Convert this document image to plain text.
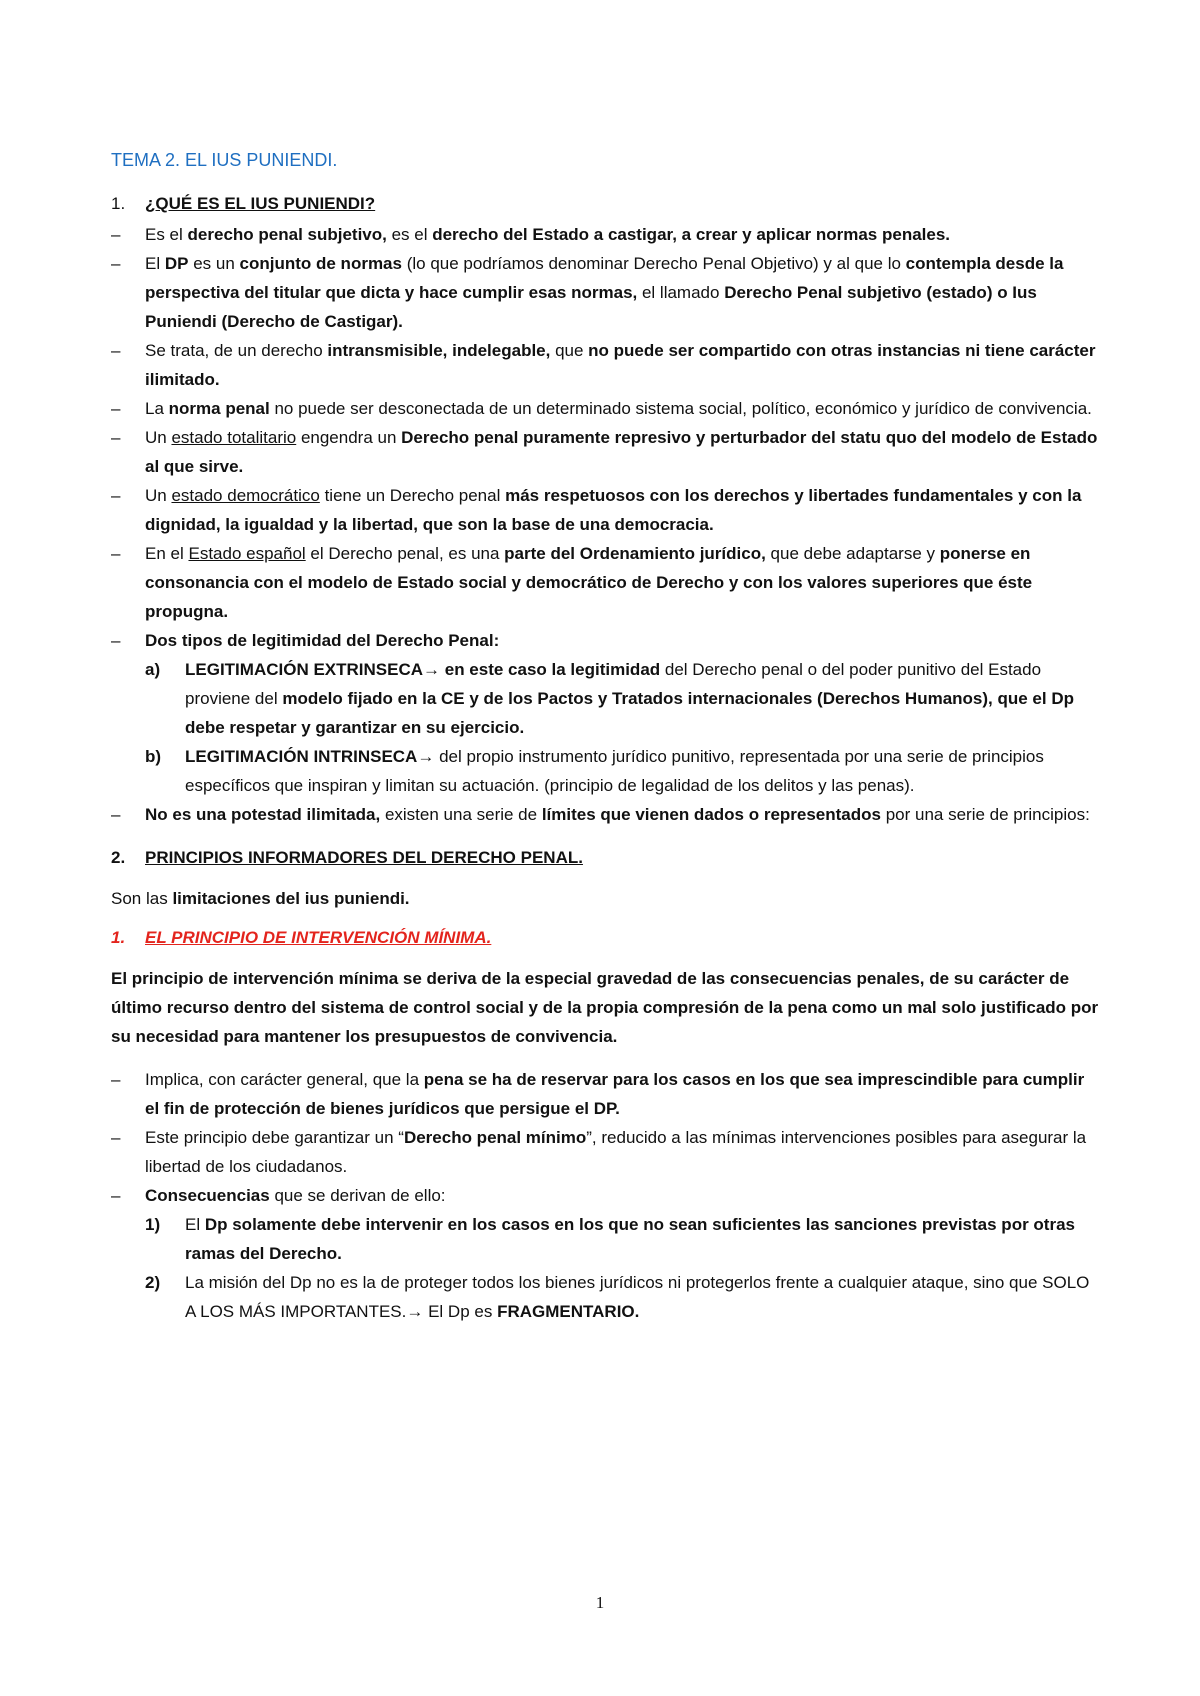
TEMA 2. EL IUS PUNIENDI.
1.	¿QUÉ ES EL IUS PUNIENDI?
–	Es el derecho penal subjetivo, es el derecho del Estado a castigar, a crear y aplicar normas penales.
–	El DP es un conjunto de normas (lo que podríamos denominar Derecho Penal Objetivo) y al que lo contempla desde la perspectiva del titular que dicta y hace cumplir esas normas, el llamado Derecho Penal subjetivo (estado) o Ius Puniendi (Derecho de Castigar).
–	Se trata, de un derecho intransmisible, indelegable, que no puede ser compartido con otras instancias ni tiene carácter ilimitado.
–	La norma penal no puede ser desconectada de un determinado sistema social, político, económico y jurídico de convivencia.
–	Un estado totalitario engendra un Derecho penal puramente represivo y perturbador del statu quo del modelo de Estado al que sirve.
–	Un estado democrático tiene un Derecho penal más respetuosos con los derechos y libertades fundamentales y con la dignidad, la igualdad y la libertad, que son la base de una democracia.
–	En el Estado español el Derecho penal, es una parte del Ordenamiento jurídico, que debe adaptarse y ponerse en consonancia con el modelo de Estado social y democrático de Derecho y con los valores superiores que éste propugna.
–	Dos tipos de legitimidad del Derecho Penal:
a)	LEGITIMACIÓN EXTRINSECA→ en este caso la legitimidad del Derecho penal o del poder punitivo del Estado proviene del modelo fijado en la CE y de los Pactos y Tratados internacionales (Derechos Humanos), que el Dp debe respetar y garantizar en su ejercicio.
b)	LEGITIMACIÓN INTRINSECA→ del propio instrumento jurídico punitivo, representada por una serie de principios específicos que inspiran y limitan su actuación. (principio de legalidad de los delitos y las penas).
–	No es una potestad ilimitada, existen una serie de límites que vienen dados o representados por una serie de principios:
2.	PRINCIPIOS INFORMADORES DEL DERECHO PENAL.

Son las limitaciones del ius puniendi.

1.	EL PRINCIPIO DE INTERVENCIÓN MÍNIMA.

El principio de intervención mínima se deriva de la especial gravedad de las consecuencias penales, de su carácter de último recurso dentro del sistema de control social y de la propia compresión de la pena como un mal solo justificado por su necesidad para mantener los presupuestos de convivencia.

–	Implica, con carácter general, que la pena se ha de reservar para los casos en los que sea imprescindible para cumplir el fin de protección de bienes jurídicos que persigue el DP.
–	Este principio debe garantizar un “Derecho penal mínimo”, reducido a las mínimas intervenciones posibles para asegurar la libertad de los ciudadanos.
–	Consecuencias que se derivan de ello:
1)	El Dp solamente debe intervenir en los casos en los que no sean suficientes las sanciones previstas por otras ramas del Derecho.
2)	La misión del Dp no es la de proteger todos los bienes jurídicos ni protegerlos frente a cualquier ataque, sino que SOLO A LOS MÁS IMPORTANTES.→ El Dp es FRAGMENTARIO.
1
